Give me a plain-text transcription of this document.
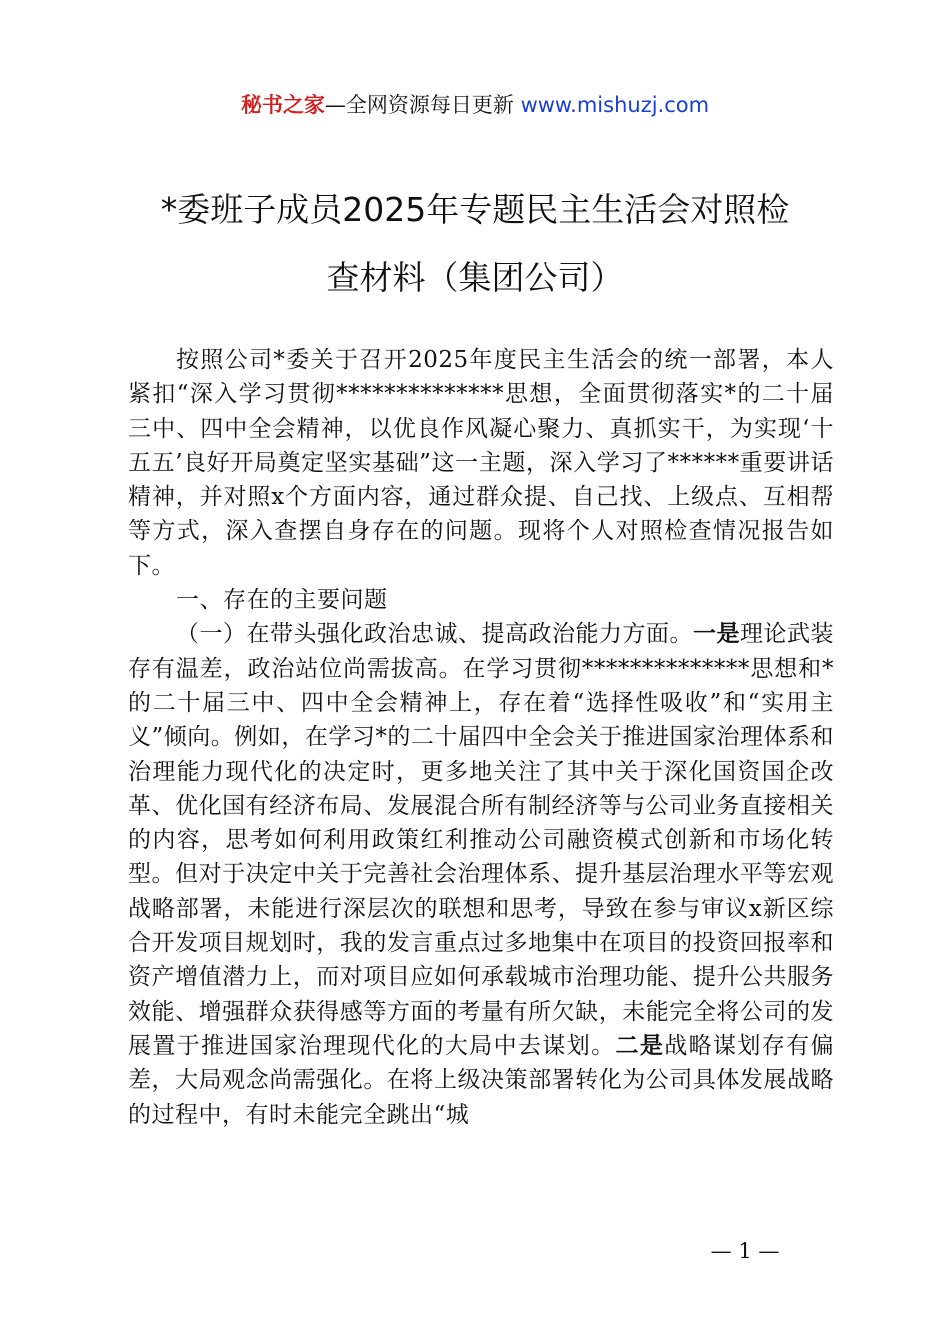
秘书之家—全网资源每日更新 www.mishuzj.com
*委班子成员2025年专题民主生活会对照检
查材料（集团公司）

按照公司*委关于召开2025年度民主生活会的统一部署，本人紧扣“深入学习贯彻**************思想，全面贯彻落实*的二十届三中、四中全会精神，以优良作风凝心聚力、真抓实干，为实现‘十五五’良好开局奠定坚实基础”这一主题，深入学习了******重要讲话精神，并对照x个方面内容，通过群众提、自己找、上级点、互相帮等方式，深入查摆自身存在的问题。现将个人对照检查情况报告如下。

一、存在的主要问题

（一）在带头强化政治忠诚、提高政治能力方面。一是理论武装存有温差，政治站位尚需拔高。在学习贯彻**************思想和*的二十届三中、四中全会精神上，存在着“选择性吸收”和“实用主义”倾向。例如，在学习*的二十届四中全会关于推进国家治理体系和治理能力现代化的决定时，更多地关注了其中关于深化国资国企改革、优化国有经济布局、发展混合所有制经济等与公司业务直接相关的内容，思考如何利用政策红利推动公司融资模式创新和市场化转型。但对于决定中关于完善社会治理体系、提升基层治理水平等宏观战略部署，未能进行深层次的联想和思考，导致在参与审议x新区综合开发项目规划时，我的发言重点过多地集中在项目的投资回报率和资产增值潜力上，而对项目应如何承载城市治理功能、提升公共服务效能、增强群众获得感等方面的考量有所欠缺，未能完全将公司的发展置于推进国家治理现代化的大局中去谋划。二是战略谋划存有偏差，大局观念尚需强化。在将上级决策部署转化为公司具体发展战略的过程中，有时未能完全跳出“城

— 1 —
